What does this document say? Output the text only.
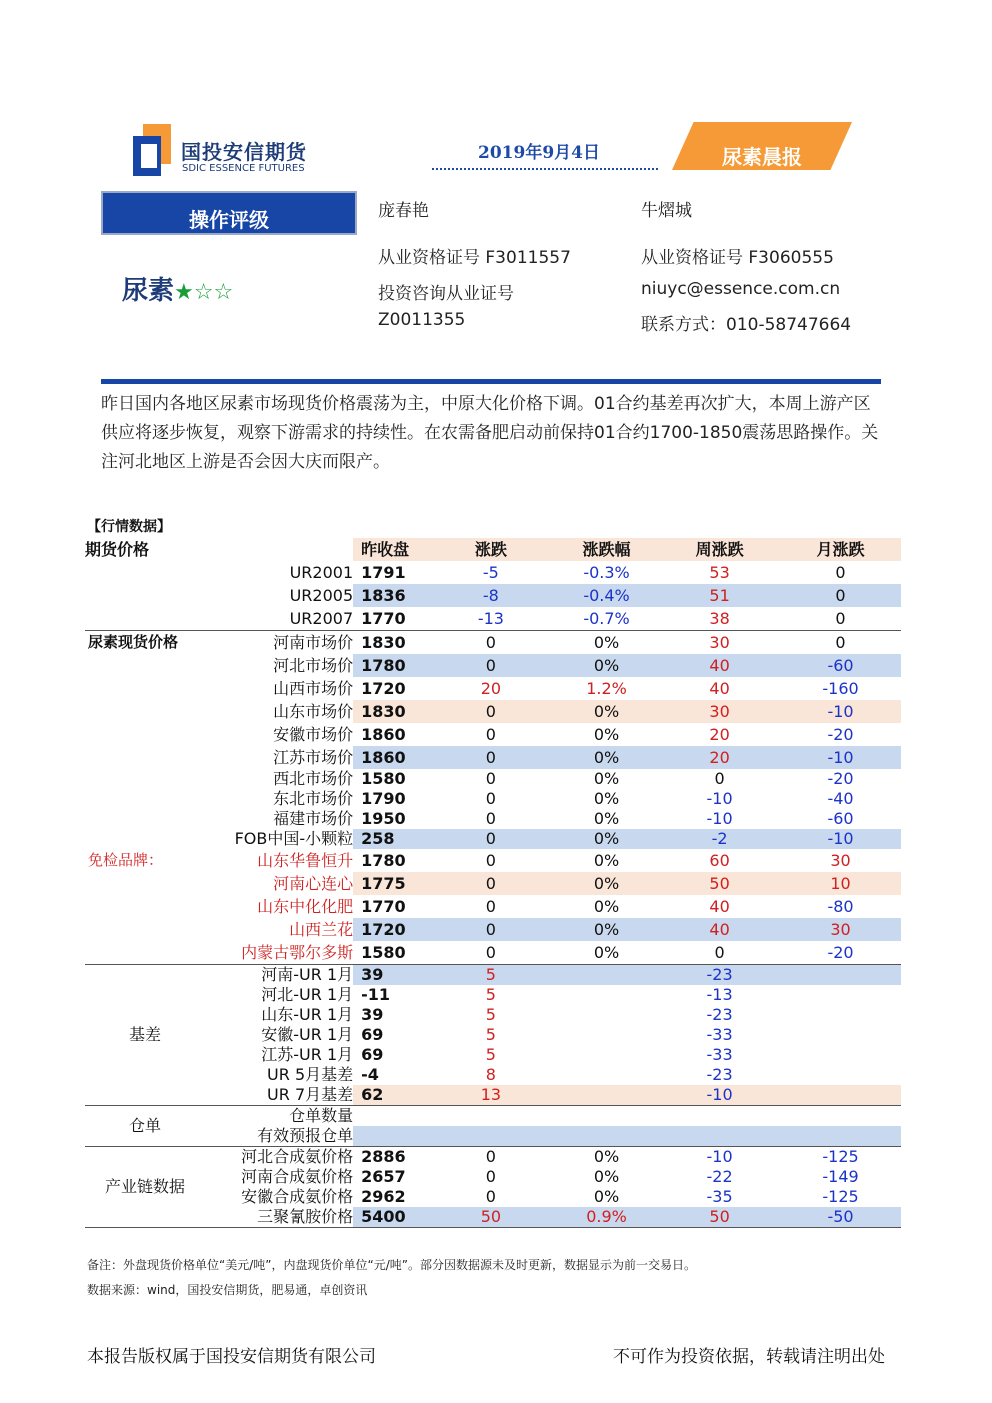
国投安信期货
SDIC ESSENCE FUTURES
2019年9月4日	尿素晨报
操作评级
尿素★☆☆
庞春艳
从业资格证号 F3011557
投资咨询从业证号
Z0011355
牛熠城
从业资格证号 F3060555
niuyc@essence.com.cn
联系方式：010-58747664
昨日国内各地区尿素市场现货价格震荡为主，中原大化价格下调。01合约基差再次扩大，本周上游产区供应将逐步恢复，观察下游需求的持续性。在农需备肥启动前保持01合约1700-1850震荡思路操作。关注河北地区上游是否会因大庆而限产。
【行情数据】
期货价格	昨收盘	涨跌	涨跌幅	周涨跌	月涨跌
UR2001	1791	-5	-0.3%	53	0
UR2005	1836	-8	-0.4%	51	0
UR2007	1770	-13	-0.7%	38	0

尿素现货价格 河南市场价	1830	0	0%	30	0
河北市场价	1780	0	0%	40	-60
山西市场价	1720	20	1.2%	40	-160
山东市场价	1830	0	0%	30	-10
安徽市场价	1860	0	0%	20	-20
江苏市场价	1860	0	0%	20	-10
西北市场价	1580	0	0%	0	-20
东北市场价	1790	0	0%	-10	-40
福建市场价	1950	0	0%	-10	-60
FOB中国-小颗粒	258	0	0%	-2	-10

免检品牌： 山东华鲁恒升	1780	0	0%	60	30
河南心连心	1775	0	0%	50	10
山东中化化肥	1770	0	0%	40	-80
山西兰花	1720	0	0%	40	30
内蒙古鄂尔多斯	1580	0	0%	0	-20
河南-UR 1月	39	5		-23	
河北-UR 1月	-11	5		-13	
山东-UR 1月	39	5		-23	

基差 安徽-UR 1月	69	5		-33	
江苏-UR 1月	69	5		-33	
UR 5月基差	-4	8		-23	
UR 7月基差	62	13		-10	

仓单
仓单数量					
有效预报仓单					
河北合成氨价格	2886	0	0%	-10	-125

产业链数据
河南合成氨价格	2657	0	0%	-22	-149
安徽合成氨价格	2962	0	0%	-35	-125
三聚氰胺价格	5400	50	0.9%	50	-50
备注：外盘现货价格单位“美元/吨”，内盘现货价单位“元/吨”。部分因数据源未及时更新，数据显示为前一交易日。
数据来源：wind，国投安信期货，肥易通，卓创资讯
本报告版权属于国投安信期货有限公司	不可作为投资依据，转载请注明出处
